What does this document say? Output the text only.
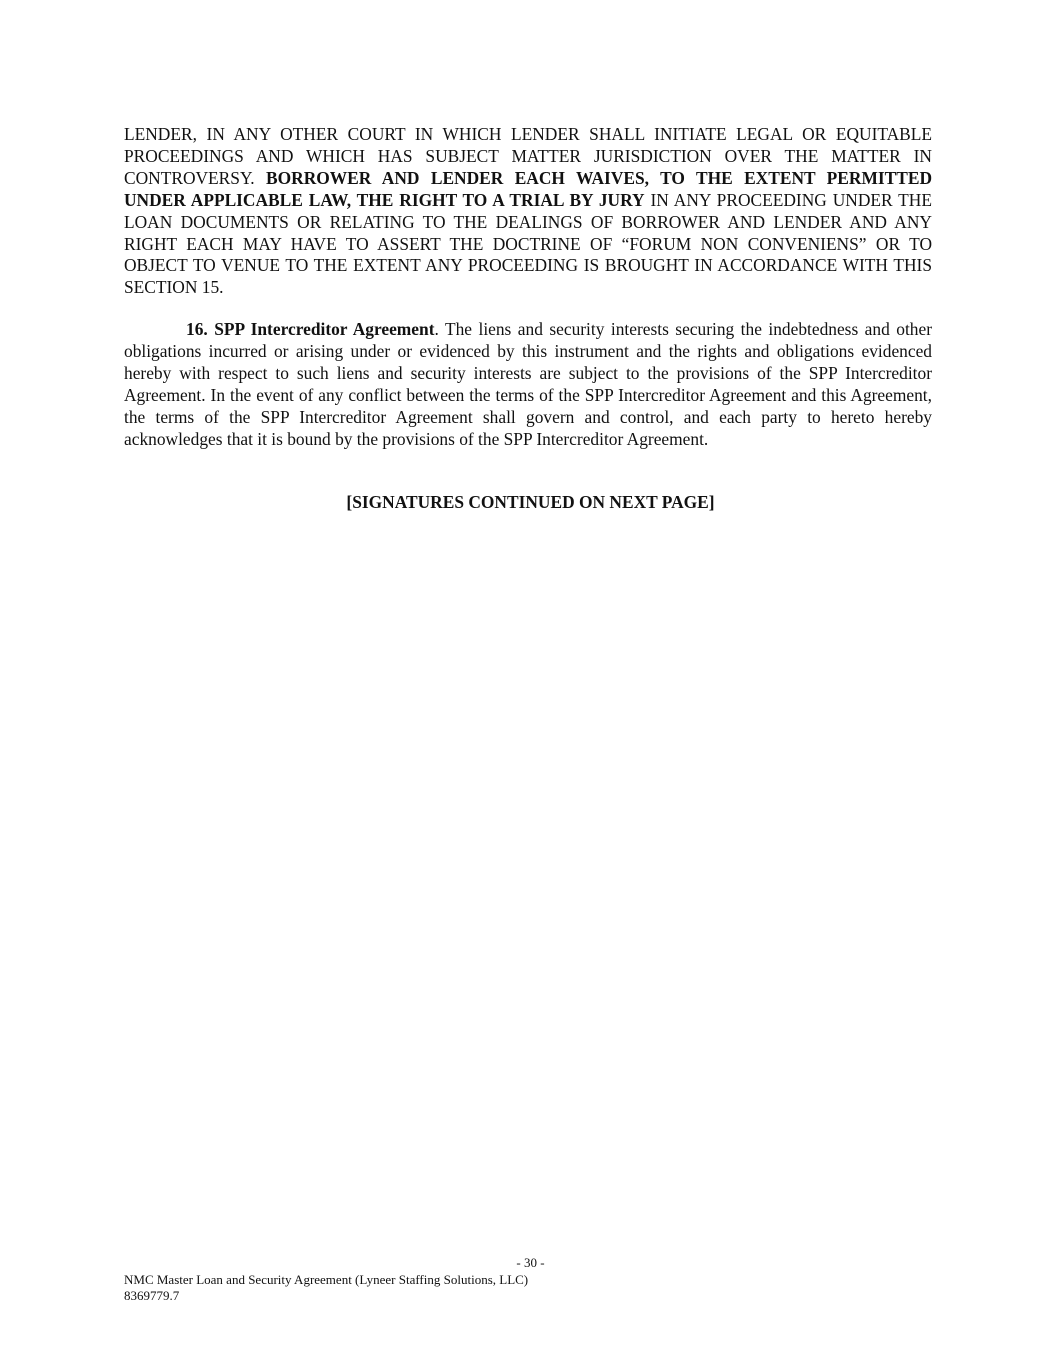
LENDER, IN ANY OTHER COURT IN WHICH LENDER SHALL INITIATE LEGAL OR EQUITABLE PROCEEDINGS AND WHICH HAS SUBJECT MATTER JURISDICTION OVER THE MATTER IN CONTROVERSY. BORROWER AND LENDER EACH WAIVES, TO THE EXTENT PERMITTED UNDER APPLICABLE LAW, THE RIGHT TO A TRIAL BY JURY IN ANY PROCEEDING UNDER THE LOAN DOCUMENTS OR RELATING TO THE DEALINGS OF BORROWER AND LENDER AND ANY RIGHT EACH MAY HAVE TO ASSERT THE DOCTRINE OF “FORUM NON CONVENIENS” OR TO OBJECT TO VENUE TO THE EXTENT ANY PROCEEDING IS BROUGHT IN ACCORDANCE WITH THIS SECTION 15.

16. SPP Intercreditor Agreement. The liens and security interests securing the indebtedness and other obligations incurred or arising under or evidenced by this instrument and the rights and obligations evidenced hereby with respect to such liens and security interests are subject to the provisions of the SPP Intercreditor Agreement. In the event of any conflict between the terms of the SPP Intercreditor Agreement and this Agreement, the terms of the SPP Intercreditor Agreement shall govern and control, and each party to hereto hereby acknowledges that it is bound by the provisions of the SPP Intercreditor Agreement.

[SIGNATURES CONTINUED ON NEXT PAGE]
- 30 -
NMC Master Loan and Security Agreement (Lyneer Staffing Solutions, LLC)
8369779.7
